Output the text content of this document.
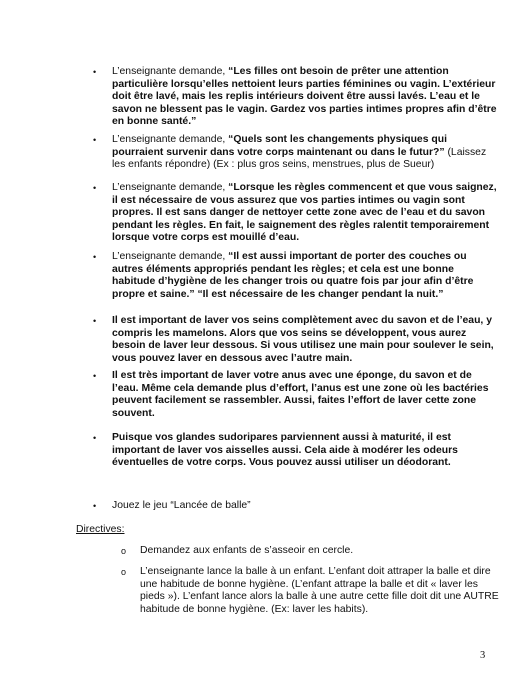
•	L’enseignante demande, “Les filles ont besoin de prêter une attention particulière lorsqu’elles nettoient leurs parties féminines ou vagin. L’extérieur doit être lavé, mais les replis intérieurs doivent être aussi lavés. L’eau et le savon ne blessent pas le vagin. Gardez vos parties intimes propres afin d’être en bonne santé.”
•	L’enseignante demande, “Quels sont les changements physiques qui pourraient survenir dans votre corps maintenant ou dans le futur?” (Laissez les enfants répondre) (Ex : plus gros seins, menstrues, plus de Sueur)
•	L’enseignante demande, “Lorsque les règles commencent et que vous saignez, il est nécessaire de vous assurez que vos parties intimes ou vagin sont propres. Il est sans danger de nettoyer cette zone avec de l’eau et du savon pendant les règles. En fait, le saignement des règles ralentit temporairement lorsque votre corps est mouillé d’eau.
•	L’enseignante demande, “Il est aussi important de porter des couches ou autres éléments appropriés pendant les règles; et cela est une bonne habitude d’hygiène de les changer trois ou quatre fois par jour afin d’être propre et saine.” “Il est nécessaire de les changer pendant la nuit.”
•	Il est important de laver vos seins complètement avec du savon et de l’eau, y compris les mamelons. Alors que vos seins se développent, vous aurez besoin de laver leur dessous. Si vous utilisez une main pour soulever le sein, vous pouvez laver en dessous avec l’autre main.
•	Il est très important de laver votre anus avec une éponge, du savon et de l’eau. Même cela demande plus d’effort, l’anus est une zone où les bactéries peuvent facilement se rassembler. Aussi, faites l’effort de laver cette zone souvent.
•	Puisque vos glandes sudoripares parviennent aussi à maturité, il est important de laver vos aisselles aussi. Cela aide à modérer les odeurs éventuelles de votre corps. Vous pouvez aussi utiliser un déodorant.
•	Jouez le jeu “Lancée de balle”
Directives:
o Demandez aux enfants de s’asseoir en cercle.
o L’enseignante lance la balle à un enfant. L’enfant doit attraper la balle et dire une habitude de bonne hygiène. (L’enfant attrape la balle et dit « laver les pieds »). L’enfant lance alors la balle à une autre cette fille doit dit une AUTRE habitude de bonne hygiène. (Ex: laver les habits).
3
